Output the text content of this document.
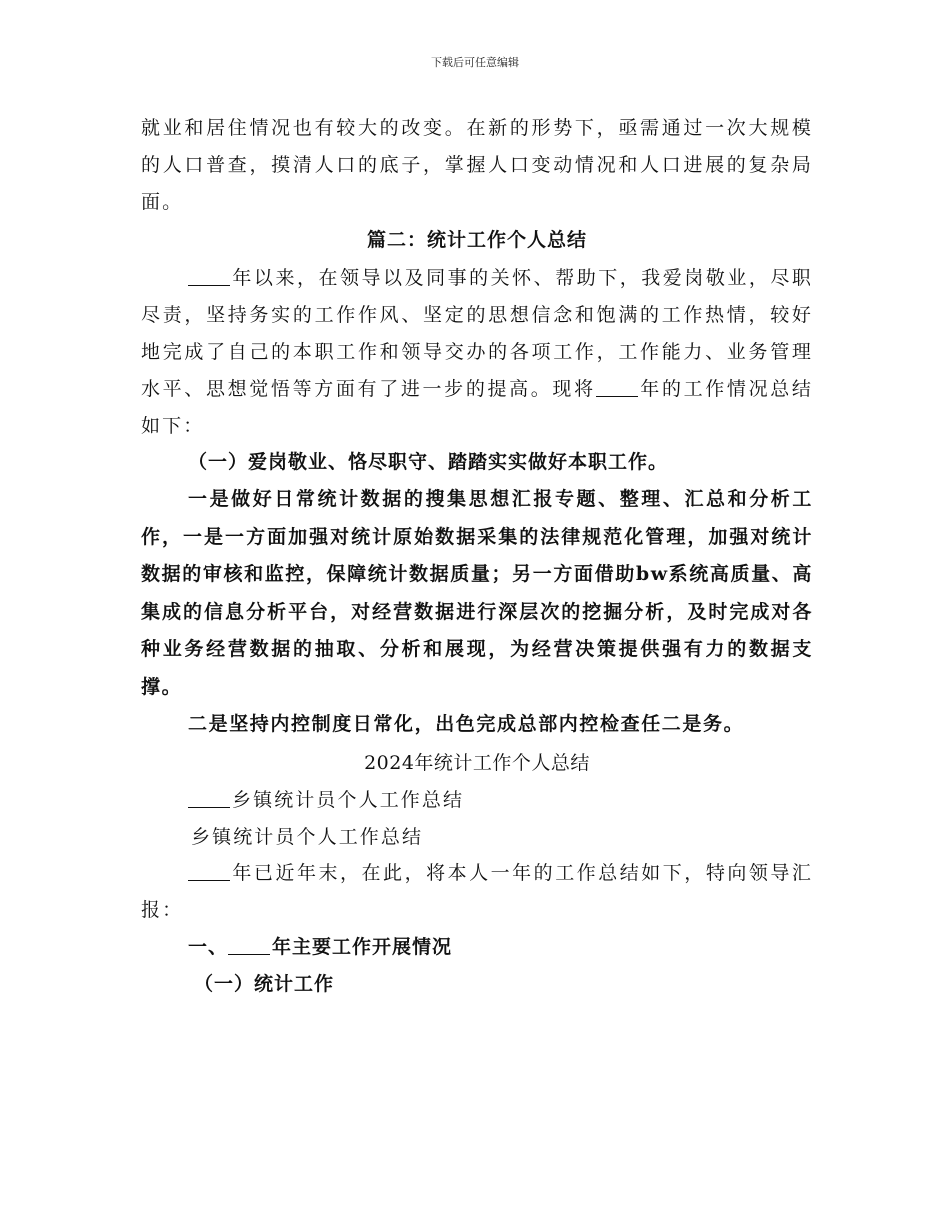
下载后可任意编辑

就业和居住情况也有较大的改变。在新的形势下，亟需通过一次大规模的人口普查，摸清人口的底子，掌握人口变动情况和人口进展的复杂局面。

篇二：统计工作个人总结

年以来，在领导以及同事的关怀、帮助下，我爱岗敬业，尽职尽责，坚持务实的工作作风、坚定的思想信念和饱满的工作热情，较好地完成了自己的本职工作和领导交办的各项工作，工作能力、业务管理水平、思想觉悟等方面有了进一步的提高。现将 年的工作情况总结如下：

（一）爱岗敬业、恪尽职守、踏踏实实做好本职工作。

一是做好日常统计数据的搜集思想汇报专题、整理、汇总和分析工作，一是一方面加强对统计原始数据采集的法律规范化管理，加强对统计数据的审核和监控，保障统计数据质量；另一方面借助bw系统高质量、高集成的信息分析平台，对经营数据进行深层次的挖掘分析，及时完成对各种业务经营数据的抽取、分析和展现，为经营决策提供强有力的数据支撑。

二是坚持内控制度日常化，出色完成总部内控检查任二是务。

2024年统计工作个人总结

乡镇统计员个人工作总结

乡镇统计员个人工作总结

年已近年末，在此，将本人一年的工作总结如下，特向领导汇报：

一、 年主要工作开展情况

（一）统计工作
